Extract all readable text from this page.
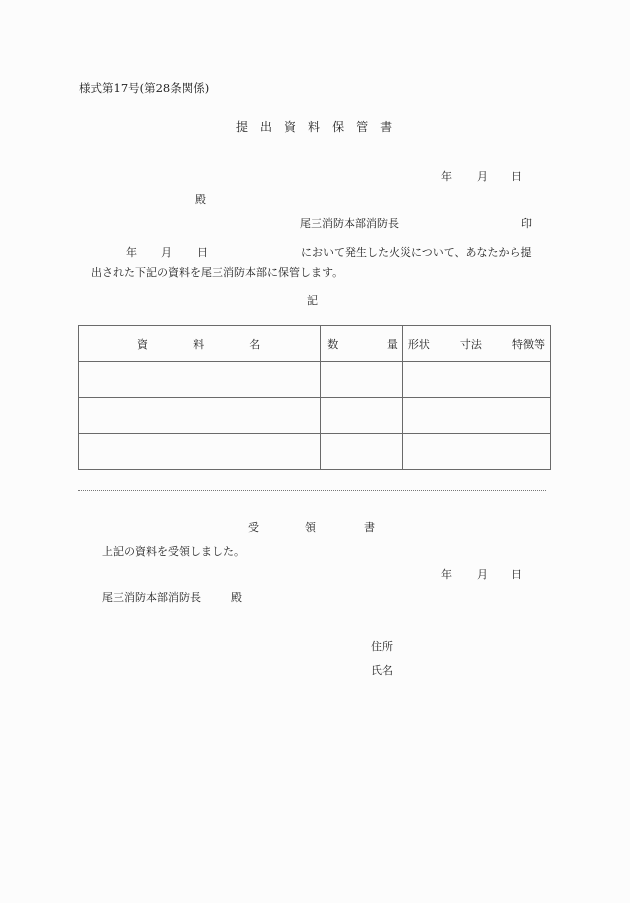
様式第17号(第28条関係)
提 出 資 料 保 管 書
年 月 日
殿
尾三消防本部消防長	印
年 月 日	において発生した火災について、あなたから提
出された下記の資料を尾三消防本部に保管します。
記
資 料 名	数 量	形状 寸法 特徴等

受	領	書
上記の資料を受領しました。
年 月 日
尾三消防本部消防長	殿
住所
氏名
